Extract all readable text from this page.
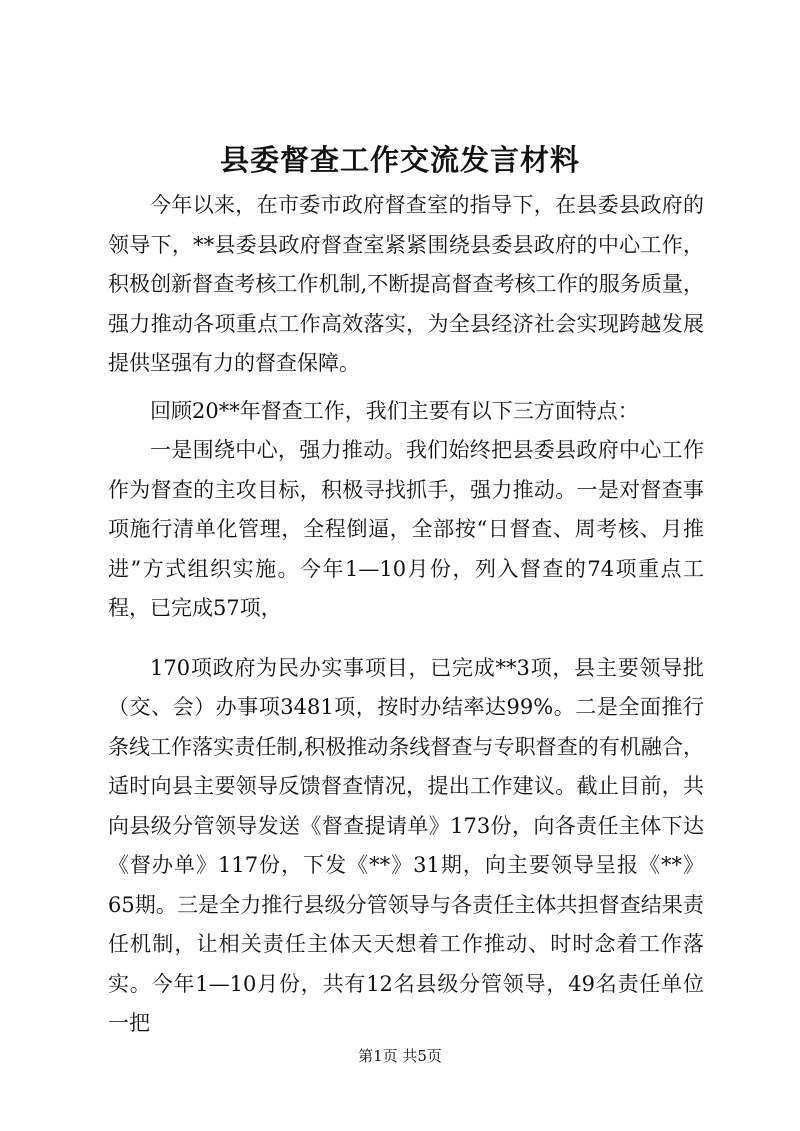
县委督查工作交流发言材料

今年以来，在市委市政府督查室的指导下，在县委县政府的领导下，**县委县政府督查室紧紧围绕县委县政府的中心工作，积极创新督查考核工作机制,不断提高督查考核工作的服务质量，强力推动各项重点工作高效落实，为全县经济社会实现跨越发展提供坚强有力的督查保障。

回顾20**年督查工作，我们主要有以下三方面特点：

一是围绕中心，强力推动。我们始终把县委县政府中心工作作为督查的主攻目标，积极寻找抓手，强力推动。一是对督查事项施行清单化管理，全程倒逼，全部按“日督查、周考核、月推进”方式组织实施。今年1—10月份，列入督查的74项重点工程，已完成57项，

170项政府为民办实事项目，已完成**3项，县主要领导批（交、会）办事项3481项，按时办结率达99%。二是全面推行条线工作落实责任制,积极推动条线督查与专职督查的有机融合，适时向县主要领导反馈督查情况，提出工作建议。截止目前，共向县级分管领导发送《督查提请单》173份，向各责任主体下达《督办单》117份，下发《**》31期，向主要领导呈报《**》65期。三是全力推行县级分管领导与各责任主体共担督查结果责任机制，让相关责任主体天天想着工作推动、时时念着工作落实。今年1—10月份，共有12名县级分管领导，49名责任单位一把

第1页 共5页
